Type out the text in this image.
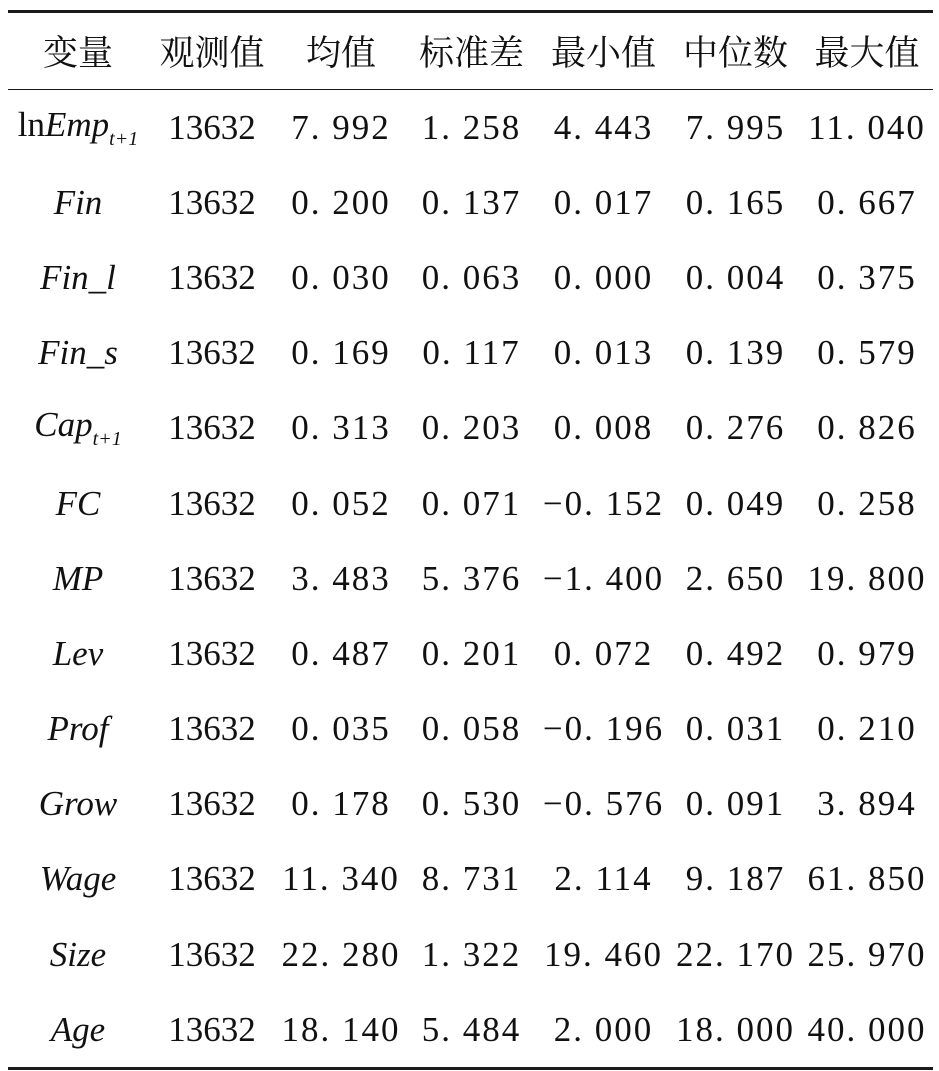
变量	观测值	均值	标准差 最小值 中位数 最大值
lnEmp$_{t+1}$ 13632	7. 992 1. 258 4. 443 7. 995 11. 040
Fin	13632	0. 200 0. 137 0. 017 0. 165 0. 667
Fin_l	13632	0. 030 0. 063 0. 000 0. 004 0. 375
Fin_s	13632	0. 169 0. 117 0. 013 0. 139 0. 579
Cap$_{t+1}$	13632	0. 313 0. 203 0. 008 0. 276 0. 826
FC	13632	0. 052 0. 071 −0. 152 0. 049 0. 258
MP	13632	3. 483 5. 376 −1. 400 2. 650 19. 800
Lev	13632	0. 487 0. 201 0. 072 0. 492 0. 979
Prof	13632	0. 035 0. 058 −0. 196 0. 031 0. 210
Grow	13632	0. 178 0. 530 −0. 576 0. 091 3. 894
Wage	13632 11. 340 8. 731 2. 114 9. 187 61. 850
Size	13632 22. 280 1. 322 19. 460 22. 170 25. 970
Age	13632 18. 140 5. 484 2. 000 18. 000 40. 000
